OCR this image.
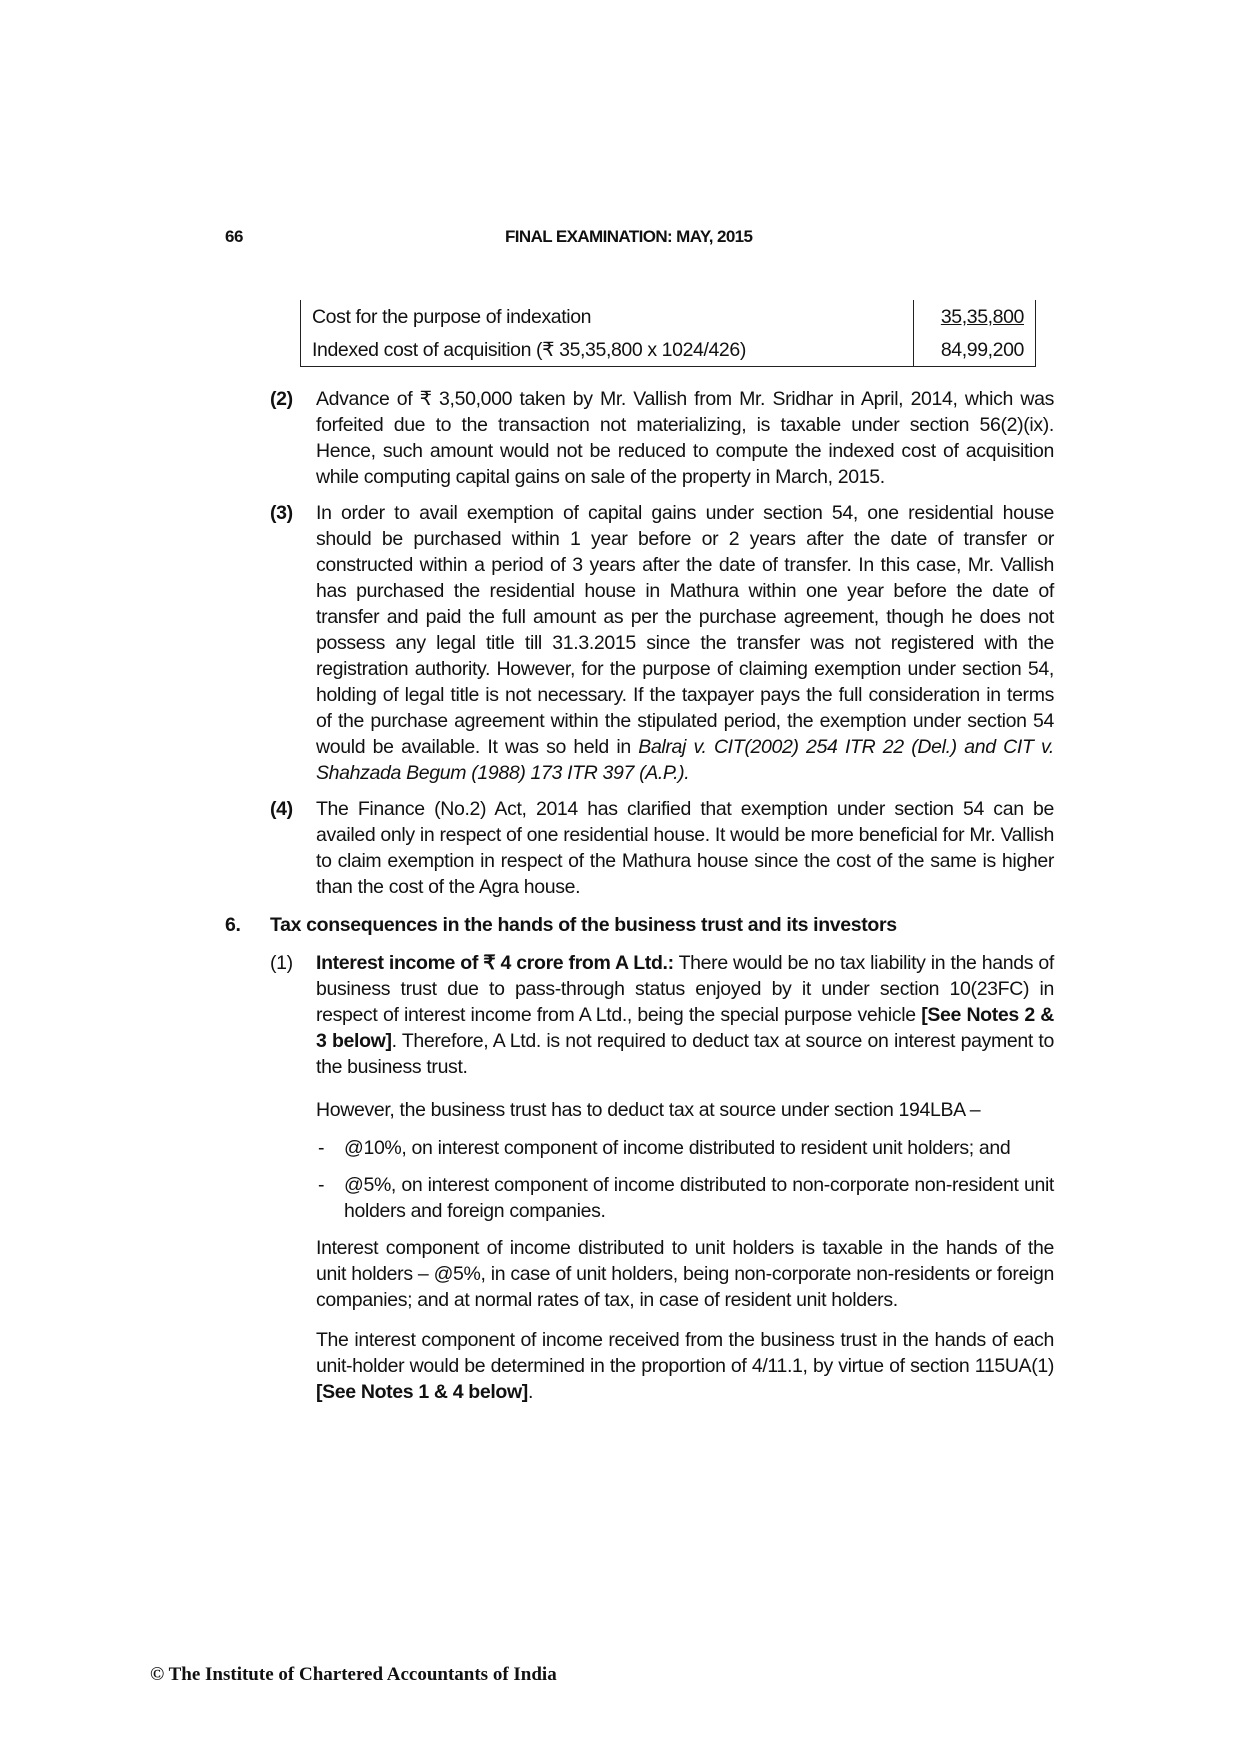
66	FINAL EXAMINATION: MAY, 2015
Cost for the purpose of indexation	35,35,800
Indexed cost of acquisition (₹ 35,35,800 x 1024/426)	84,99,200
(2) Advance of ₹ 3,50,000 taken by Mr. Vallish from Mr. Sridhar in April, 2014, which was forfeited due to the transaction not materializing, is taxable under section 56(2)(ix). Hence, such amount would not be reduced to compute the indexed cost of acquisition while computing capital gains on sale of the property in March, 2015.
(3) In order to avail exemption of capital gains under section 54, one residential house should be purchased within 1 year before or 2 years after the date of transfer or constructed within a period of 3 years after the date of transfer. In this case, Mr. Vallish has purchased the residential house in Mathura within one year before the date of transfer and paid the full amount as per the purchase agreement, though he does not possess any legal title till 31.3.2015 since the transfer was not registered with the registration authority. However, for the purpose of claiming exemption under section 54, holding of legal title is not necessary. If the taxpayer pays the full consideration in terms of the purchase agreement within the stipulated period, the exemption under section 54 would be available. It was so held in Balraj v. CIT(2002) 254 ITR 22 (Del.) and CIT v. Shahzada Begum (1988) 173 ITR 397 (A.P.).
(4) The Finance (No.2) Act, 2014 has clarified that exemption under section 54 can be availed only in respect of one residential house. It would be more beneficial for Mr. Vallish to claim exemption in respect of the Mathura house since the cost of the same is higher than the cost of the Agra house.
6. Tax consequences in the hands of the business trust and its investors
(1) Interest income of ₹ 4 crore from A Ltd.: There would be no tax liability in the hands of business trust due to pass-through status enjoyed by it under section 10(23FC) in respect of interest income from A Ltd., being the special purpose vehicle [See Notes 2 & 3 below]. Therefore, A Ltd. is not required to deduct tax at source on interest payment to the business trust.
However, the business trust has to deduct tax at source under section 194LBA –
- @10%, on interest component of income distributed to resident unit holders; and
- @5%, on interest component of income distributed to non-corporate non-resident unit holders and foreign companies.
Interest component of income distributed to unit holders is taxable in the hands of the unit holders – @5%, in case of unit holders, being non-corporate non-residents or foreign companies; and at normal rates of tax, in case of resident unit holders.
The interest component of income received from the business trust in the hands of each unit-holder would be determined in the proportion of 4/11.1, by virtue of section 115UA(1) [See Notes 1 & 4 below].
© The Institute of Chartered Accountants of India
